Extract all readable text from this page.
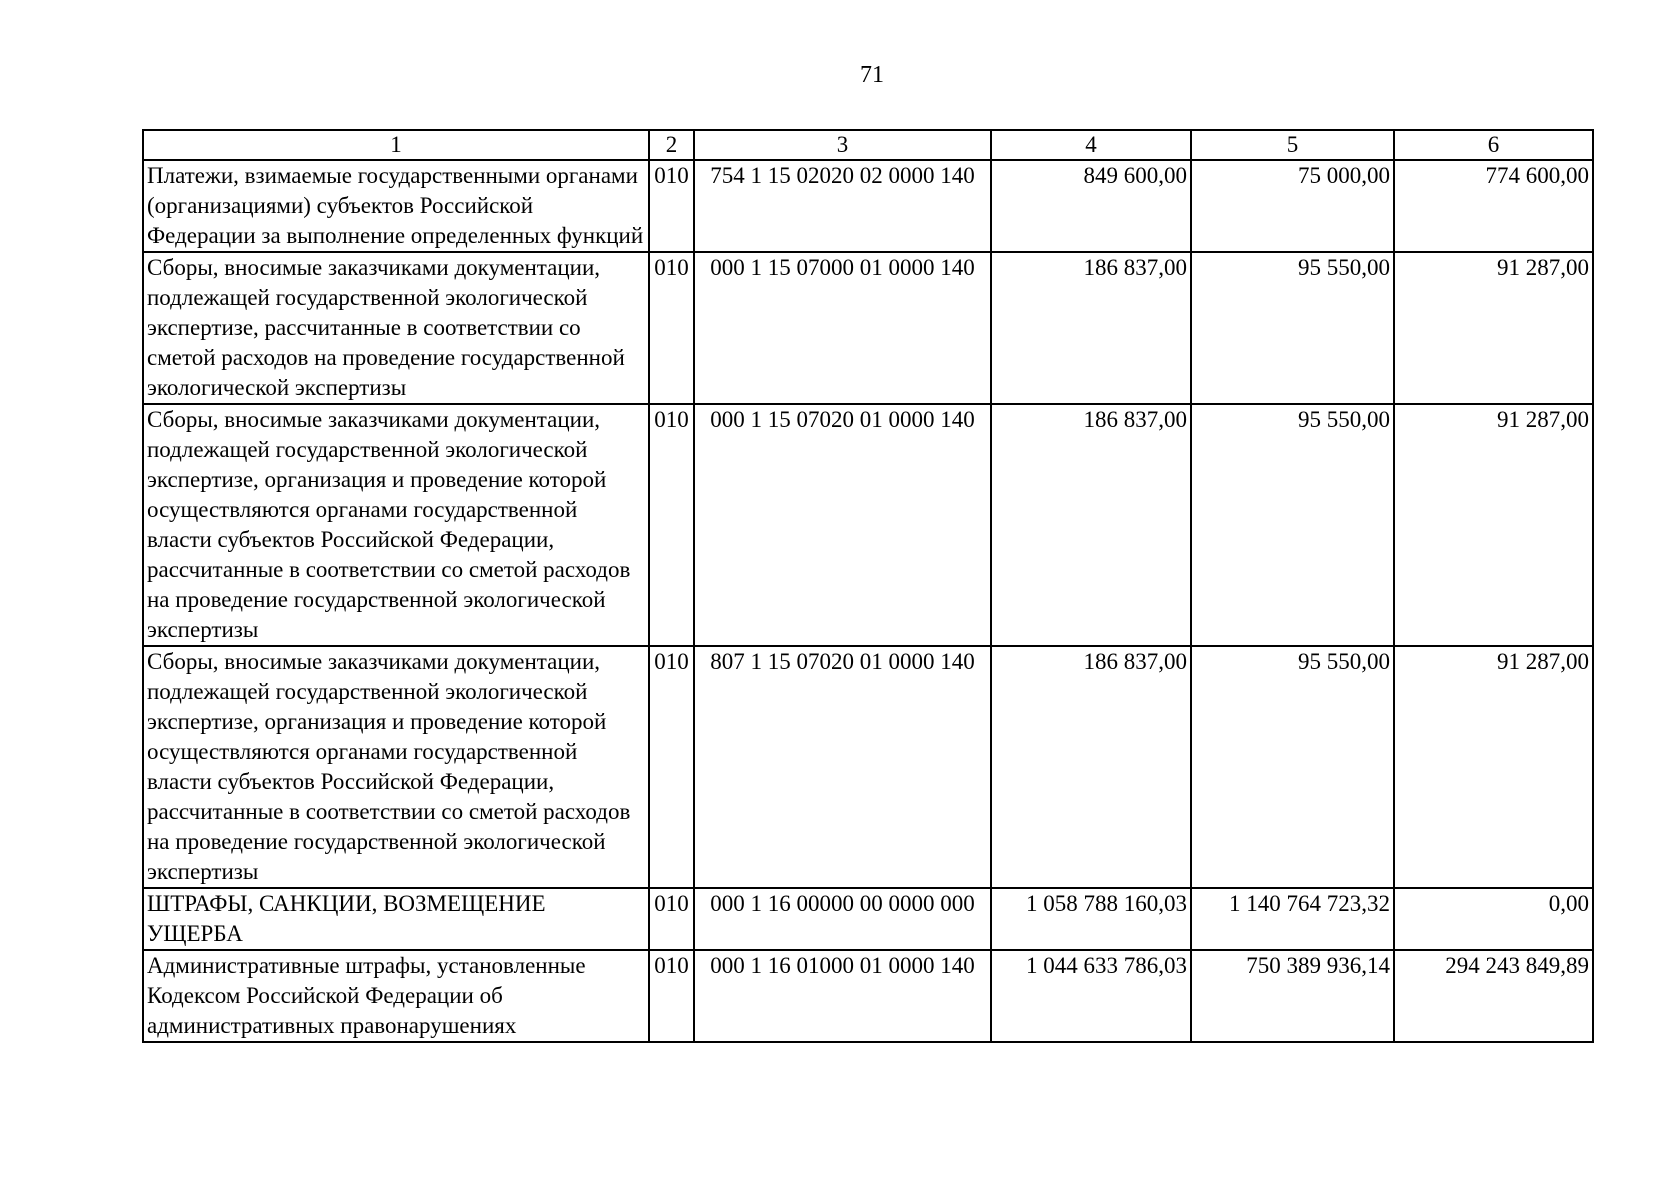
71
1	2	3	4	5	6
Платежи, взимаемые государственными органами (организациями) субъектов Российской Федерации за выполнение определенных функций	010	754 1 15 02020 02 0000 140	849 600,00	75 000,00	774 600,00
Сборы, вносимые заказчиками документации, подлежащей государственной экологической экспертизе, рассчитанные в соответствии со сметой расходов на проведение государственной экологической экспертизы	010	000 1 15 07000 01 0000 140	186 837,00	95 550,00	91 287,00
Сборы, вносимые заказчиками документации, подлежащей государственной экологической экспертизе, организация и проведение которой осуществляются органами государственной власти субъектов Российской Федерации, рассчитанные в соответствии со сметой расходов на проведение государственной экологической экспертизы	010	000 1 15 07020 01 0000 140	186 837,00	95 550,00	91 287,00
Сборы, вносимые заказчиками документации, подлежащей государственной экологической экспертизе, организация и проведение которой осуществляются органами государственной власти субъектов Российской Федерации, рассчитанные в соответствии со сметой расходов на проведение государственной экологической экспертизы	010	807 1 15 07020 01 0000 140	186 837,00	95 550,00	91 287,00
ШТРАФЫ, САНКЦИИ, ВОЗМЕЩЕНИЕ УЩЕРБА	010	000 1 16 00000 00 0000 000	1 058 788 160,03	1 140 764 723,32	0,00
Административные штрафы, установленные Кодексом Российской Федерации об административных правонарушениях	010	000 1 16 01000 01 0000 140	1 044 633 786,03	750 389 936,14	294 243 849,89
